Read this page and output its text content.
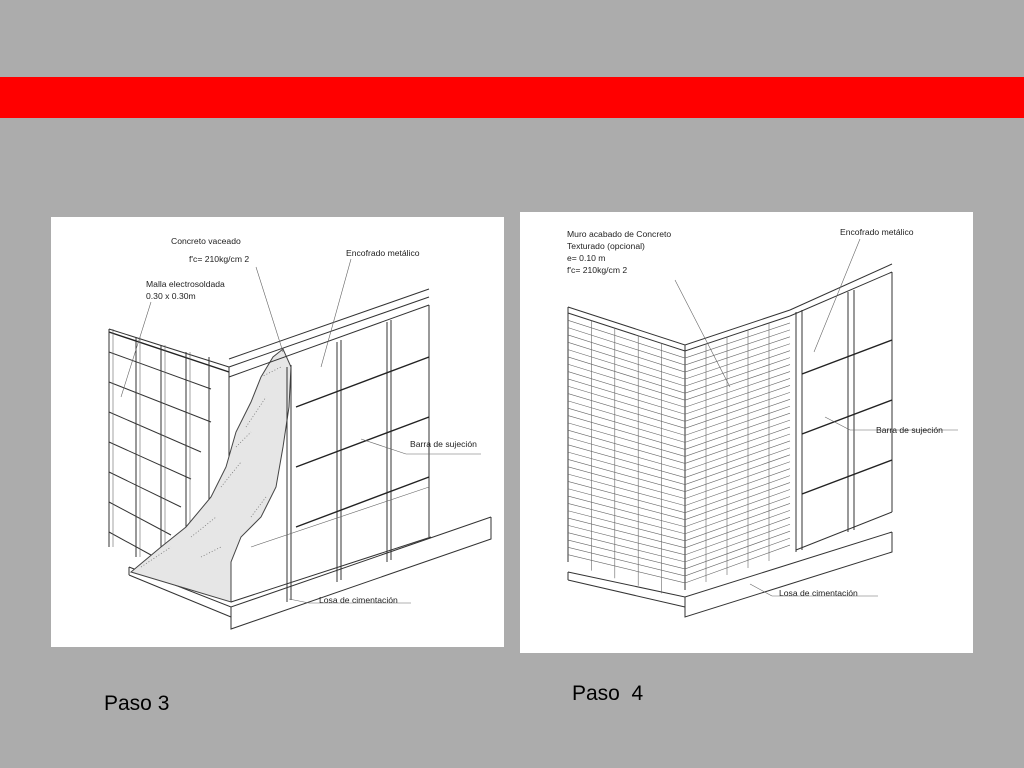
Concreto vaceado
f'c= 210kg/cm 2
Malla electrosoldada
0.30 x 0.30m
Encofrado metálico
Barra de sujeción
Losa de cimentación
Muro acabado de Concreto
Texturado (opcional)
e= 0.10 m
f'c= 210kg/cm 2
Encofrado metálico
Barra de sujeción
Losa de cimentación
Paso 3	Paso  4
